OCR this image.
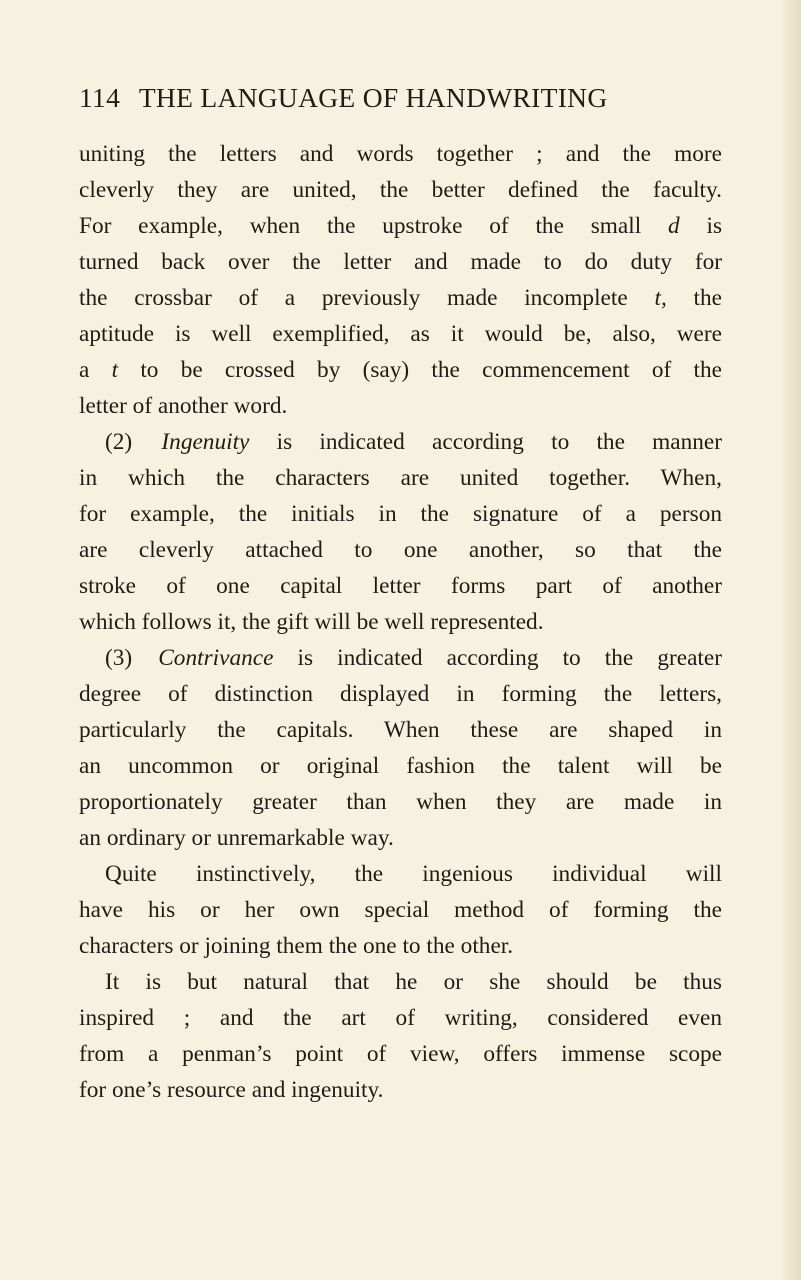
114 THE LANGUAGE OF HANDWRITING
uniting the letters and words together ; and the more
cleverly they are united, the better defined the faculty.
For example, when the upstroke of the small d is
turned back over the letter and made to do duty for
the crossbar of a previously made incomplete t, the
aptitude is well exemplified, as it would be, also, were
a t to be crossed by (say) the commencement of the
letter of another word.
(2) Ingenuity is indicated according to the manner
in which the characters are united together. When,
for example, the initials in the signature of a person
are cleverly attached to one another, so that the
stroke of one capital letter forms part of another
which follows it, the gift will be well represented.
(3) Contrivance is indicated according to the greater
degree of distinction displayed in forming the letters,
particularly the capitals. When these are shaped in
an uncommon or original fashion the talent will be
proportionately greater than when they are made in
an ordinary or unremarkable way.
Quite instinctively, the ingenious individual will
have his or her own special method of forming the
characters or joining them the one to the other.
It is but natural that he or she should be thus
inspired ; and the art of writing, considered even
from a penman’s point of view, offers immense scope
for one’s resource and ingenuity.
